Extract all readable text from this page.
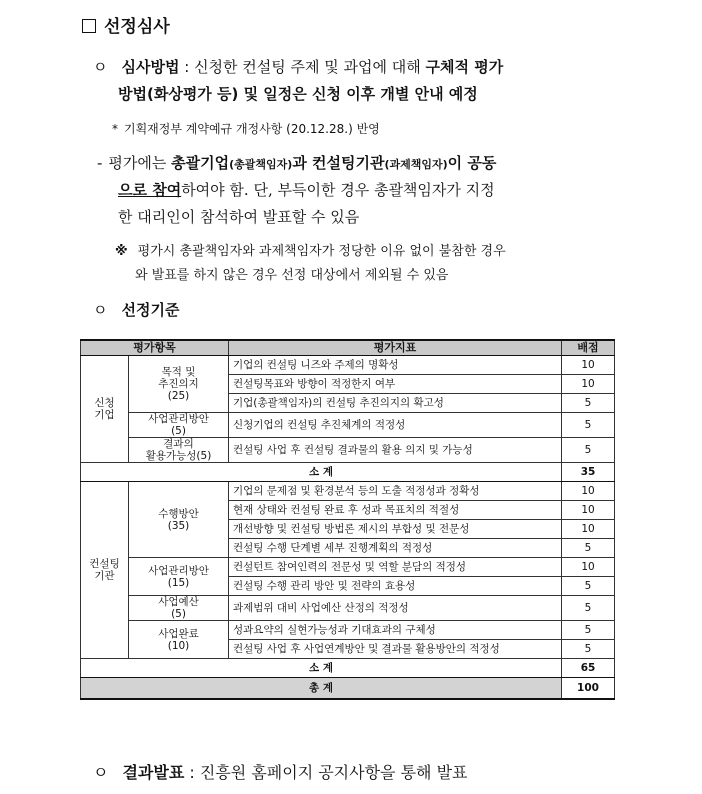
선정심사
ㅇ 심사방법 : 신청한 컨설팅 주제 및 과업에 대해 구체적 평가
방법(화상평가 등) 및 일정은 신청 이후 개별 안내 예정
* 기획재정부 계약예규 개정사항 (20.12.28.) 반영
- 평가에는 총괄기업(총괄책임자)과 컨설팅기관(과제책임자)이 공동
으로 참여하여야 함. 단, 부득이한 경우 총괄책임자가 지정
한 대리인이 참석하여 발표할 수 있음
※ 평가시 총괄책임자와 과제책임자가 정당한 이유 없이 불참한 경우
와 발표를 하지 않은 경우 선정 대상에서 제외될 수 있음
ㅇ 선정기준
평가항목		평가지표	배점
신청
기업	목적 및
추진의지
(25)	기업의 컨설팅 니즈와 주제의 명확성	10
		컨설팅목표와 방향이 적정한지 여부	10
		기업(총괄책임자)의 컨설팅 추진의지의 확고성	5
	사업관리방안
(5)	신청기업의 컨설팅 추진체계의 적정성	5
	결과의
활용가능성(5)	컨설팅 사업 후 컨설팅 결과물의 활용 의지 및 가능성	5
소 계			35
컨설팅
기관	수행방안
(35)	기업의 문제점 및 환경분석 등의 도출 적정성과 정확성	10
		현재 상태와 컨설팅 완료 후 성과 목표치의 적절성	10
		개선방향 및 컨설팅 방법론 제시의 부합성 및 전문성	10
		컨설팅 수행 단계별 세부 진행계획의 적정성	5
	사업관리방안
(15)	컨설턴트 참여인력의 전문성 및 역할 분담의 적정성	10
		컨설팅 수행 관리 방안 및 전략의 효용성	5
	사업예산
(5)	과제범위 대비 사업예산 산정의 적정성	5
	사업완료
(10)	성과요약의 실현가능성과 기대효과의 구체성	5
		컨설팅 사업 후 사업연계방안 및 결과물 활용방안의 적정성	5
소 계			65
총 계			100
ㅇ 결과발표 : 진흥원 홈페이지 공지사항을 통해 발표
